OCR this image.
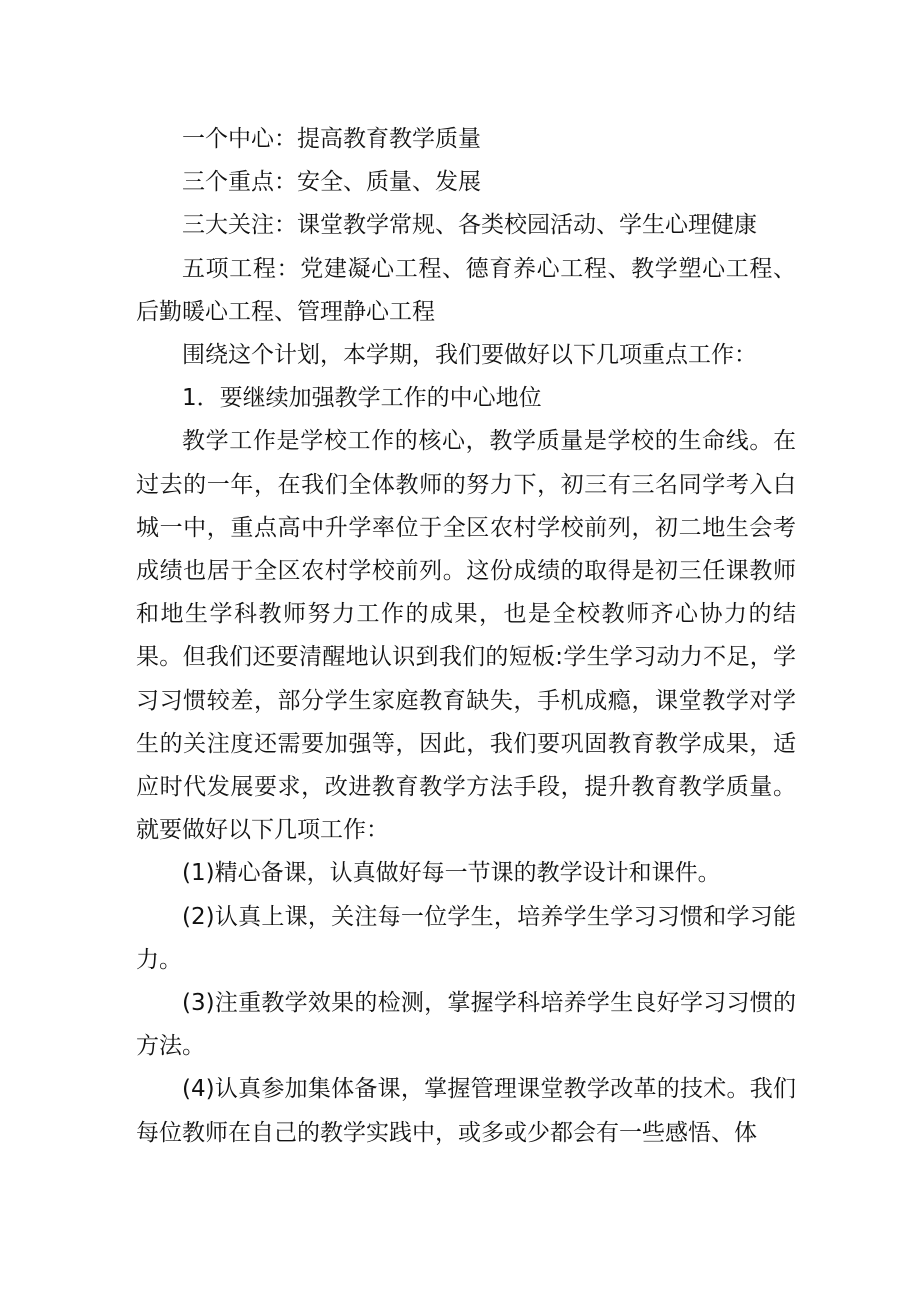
一个中心：提高教育教学质量

三个重点：安全、质量、发展

三大关注：课堂教学常规、各类校园活动、学生心理健康

五项工程：党建凝心工程、德育养心工程、教学塑心工程、后勤暖心工程、管理静心工程

围绕这个计划，本学期，我们要做好以下几项重点工作：

1．要继续加强教学工作的中心地位

教学工作是学校工作的核心，教学质量是学校的生命线。在过去的一年，在我们全体教师的努力下，初三有三名同学考入白城一中，重点高中升学率位于全区农村学校前列，初二地生会考成绩也居于全区农村学校前列。这份成绩的取得是初三任课教师和地生学科教师努力工作的成果，也是全校教师齐心协力的结果。但我们还要清醒地认识到我们的短板:学生学习动力不足，学习习惯较差，部分学生家庭教育缺失，手机成瘾，课堂教学对学生的关注度还需要加强等，因此，我们要巩固教育教学成果，适应时代发展要求，改进教育教学方法手段，提升教育教学质量。就要做好以下几项工作：

(1)精心备课，认真做好每一节课的教学设计和课件。

(2)认真上课，关注每一位学生，培养学生学习习惯和学习能力。

(3)注重教学效果的检测，掌握学科培养学生良好学习习惯的方法。

(4)认真参加集体备课，掌握管理课堂教学改革的技术。我们每位教师在自己的教学实践中，或多或少都会有一些感悟、体
